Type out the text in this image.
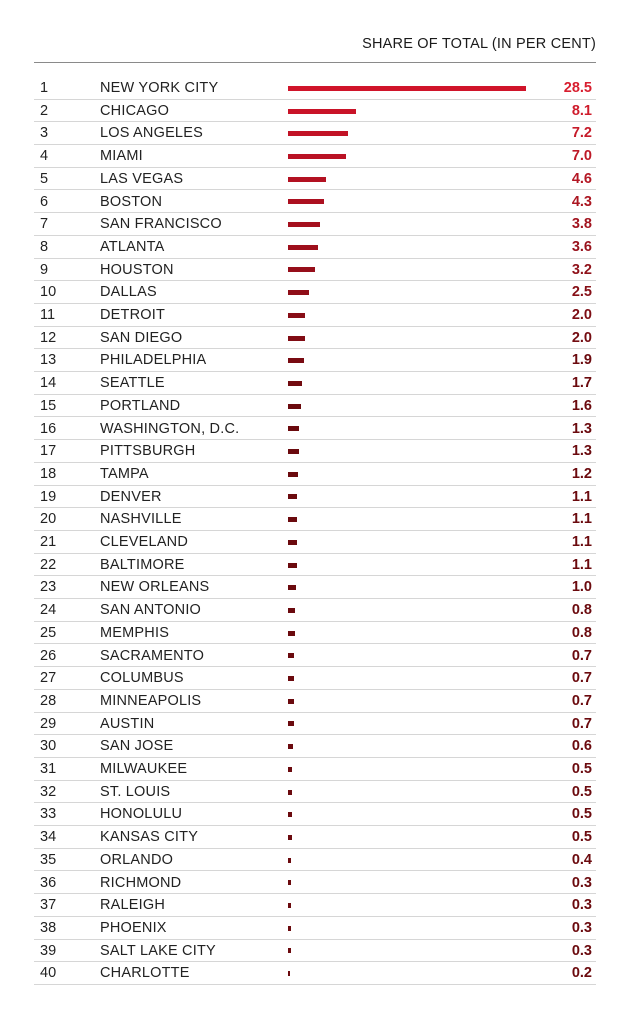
SHARE OF TOTAL (IN PER CENT)
1	NEW YORK CITY	28.5
2	CHICAGO	8.1
3	LOS ANGELES	7.2
4	MIAMI	7.0
5	LAS VEGAS	4.6
6	BOSTON	4.3
7	SAN FRANCISCO	3.8
8	ATLANTA	3.6
9	HOUSTON	3.2
10	DALLAS	2.5
11	DETROIT	2.0
12	SAN DIEGO	2.0
13	PHILADELPHIA	1.9
14	SEATTLE	1.7
15	PORTLAND	1.6
16	WASHINGTON, D.C.	1.3
17	PITTSBURGH	1.3
18	TAMPA	1.2
19	DENVER	1.1
20	NASHVILLE	1.1
21	CLEVELAND	1.1
22	BALTIMORE	1.1
23	NEW ORLEANS	1.0
24	SAN ANTONIO	0.8
25	MEMPHIS	0.8
26	SACRAMENTO	0.7
27	COLUMBUS	0.7
28	MINNEAPOLIS	0.7
29	AUSTIN	0.7
30	SAN JOSE	0.6
31	MILWAUKEE	0.5
32	ST. LOUIS	0.5
33	HONOLULU	0.5
34	KANSAS CITY	0.5
35	ORLANDO	0.4
36	RICHMOND	0.3
37	RALEIGH	0.3
38	PHOENIX	0.3
39	SALT LAKE CITY	0.3
40	CHARLOTTE	0.2
